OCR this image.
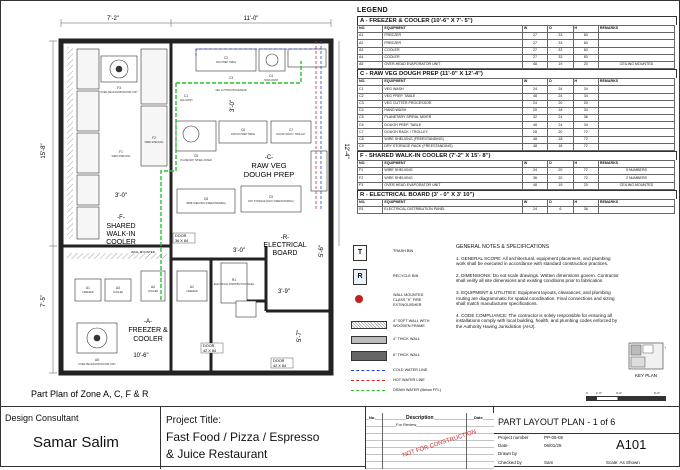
7'-2"	11'-0"
15'-8"
7'-5"
12'-4"
3'-0"
3'-0"
3'-0"
3'-9"
5'-7"
10'-6"
5'-6"
-F-
SHARED
WALK-IN
COOLER
-C-
RAW VEG
DOUGH PREP
-R-
ELECTRICAL
BOARD
-A-
FREEZER &
COOLER
DOOR
36 X 84
DOOR
42 X 84
DOOR
42 X 84
WALL MOUNTED
F3
F2
F1
C1
C2
C4
C3
C5
C6	C7
C8	C9
A1	A3	A4	A2
A5
R1
OVER-HEAD EVAPORATOR UNIT
WIRE SHELVING
WIRE SHELVING
VEG WASH
VEG PREP TABLE
HAND WASH
VEG CUTTER PROCESSOR
PLANETARY SPIRAL MIXER
DOUGH PREP TABLE	DOUGH RACK / TROLLEY
WIRE SHELVING (FREESTANDING)
DRY STORAGE RACK (FREESTANDING)
FREEZER	COOLER	COOLER	FREEZER
OVER-HEAD EVAPORATOR UNIT
ELECTRICAL DISTRIBUTION PANEL
Part Plan of Zone A, C, F & R
LEGEND
A - FREEZER & COOLER (10'-6" X 7'- 5")
NO.	EQUIPMENT	W	D	H	REMARKS
A1	FREEZER	27	33	83	
A2	FREEZER	27	33	83	
A3	COOLER	27	33	83	
A4	COOLER	27	33	83	
A5	OVER-HEAD EVAPORATOR UNIT	48	19	20	CEILING MOUNTED
C - RAW VEG DOUGH PREP (11'-0" X 12'-4")
NO.	EQUIPMENT	W	D	H	REMARKS
C1	VEG WASH	24	24	34	
C2	VEG PREP. TABLE	48	24	34	
C3	VEG CUTTER PROCESSOR	24	20	20	
C4	HAND WASH	20	18	34	
C5	PLANETARY SPIRAL MIXER	32	24	36	
C6	DOUGH PREP. TABLE	48	24	34	
C7	DOUGH RACK / TROLLEY	28	20	72	
C8	WIRE SHELVING (FREESTANDING)	48	18	72	
C9	DRY STORAGE RACK (FREESTANDING)	48	18	72	
F - SHARED WALK-IN COOLER (7'-2" X 15'- 8")
NO.	EQUIPMENT	W	D	H	REMARKS
F1	WIRE SHELVING	24	20	72	5 NUMBERS
F2	WIRE SHELVING	36	20	72	2 NUMBERS
F3	OVER-HEAD EVAPORATOR UNIT	48	19	20	CEILING MOUNTED
R - ELECTRICAL BOARD (3' - 0" X 3' 10")
NO.	EQUIPMENT	W	D	H	REMARKS
R1	ELECTRICAL DISTRIBUTION PANEL	24	6	36	
T	TRASH BIN
R	RECYCLE BIN
WALL MOUNTED
CLASS "K" FIRE
EXTINGUISHER
4" SOFT WALL WITH
WOODEN FRAME
4" THICK WALL
6" THICK WALL
COLD WATER LINE
HOT WATER LINE
DRAIN WATER (Below FFL)
GENERAL NOTES & SPECIFICATIONS

1. GENERAL SCOPE: All architectural, equipment placement, and plumbing work shall be executed in accordance with standard construction practices.

2. DIMENSIONS: Do not scale drawings. Written dimensions govern. Contractor shall verify all site dimensions and existing conditions prior to fabrication.

3. EQUIPMENT & UTILITIES: Equipment layouts, clearances, and plumbing routing are diagrammatic for spatial coordination. Final connections and sizing shall match manufacturer specifications.

4. CODE COMPLIANCE: The contractor is solely responsible for ensuring all installations comply with local building, health, and plumbing codes enforced by the Authority Having Jurisdiction (AHJ).

KEY PLAN
↑
0	1'-0"	3'-0"	6'-0"
Design Consultant
Samar Salim
Project Title:
Fast Food / Pizza / Espresso
& Juice Restaurant
No.	Description	Date
For Review
NOT FOR CONSTRUCTION
PART LAYOUT PLAN - 1 of 6
Project number	PP-05-05
Date	06/01/25
Drawn by
Checked by	Sam
A101
Scale: As Shown
